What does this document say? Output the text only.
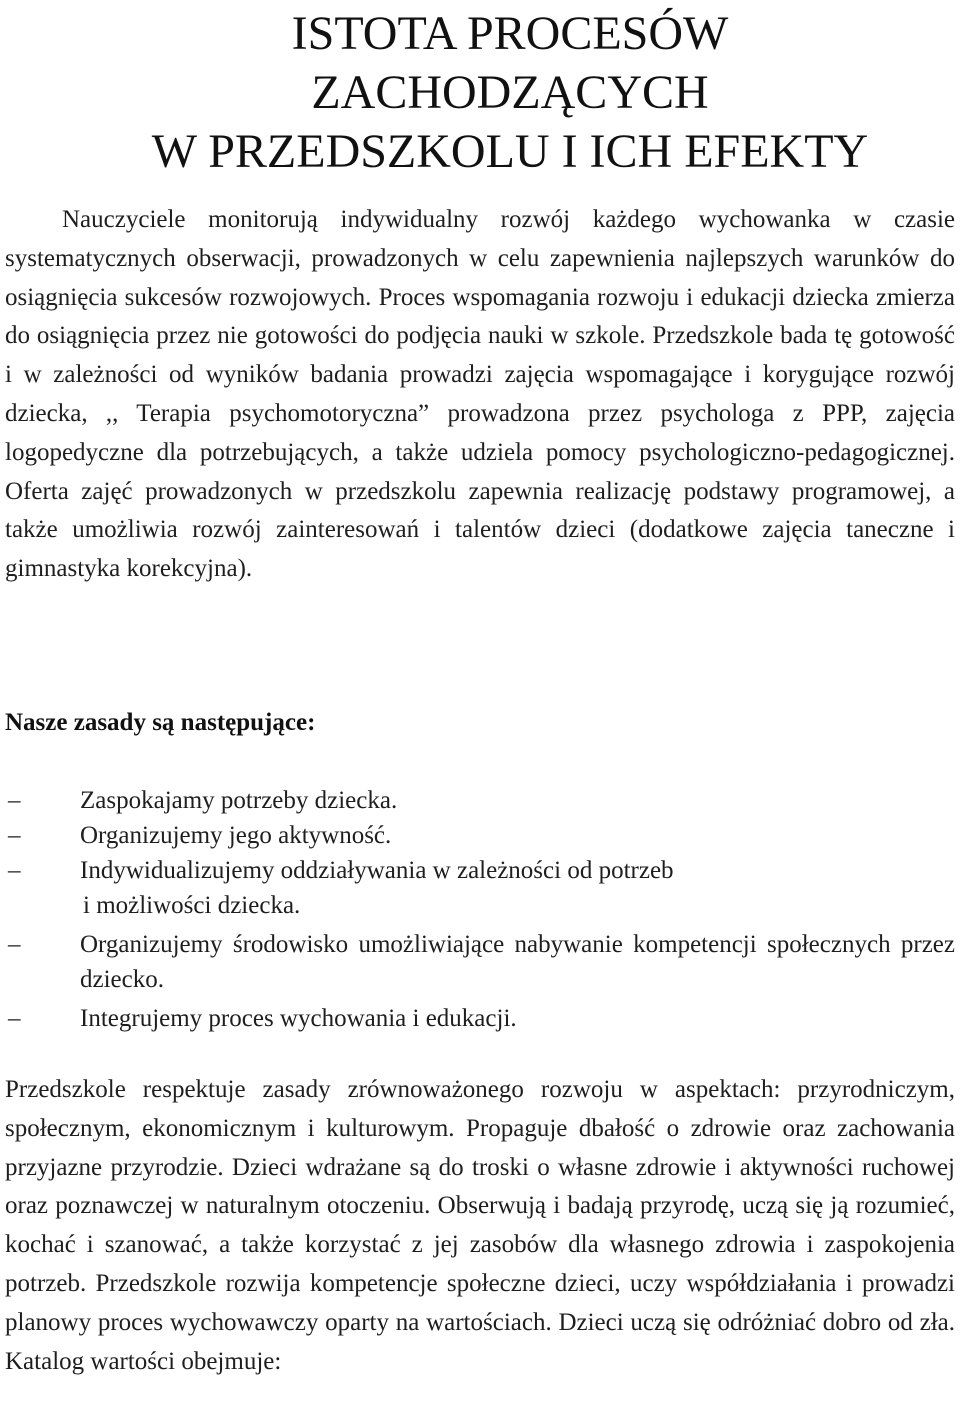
ISTOTA PROCESÓW
ZACHODZĄCYCH
W PRZEDSZKOLU I ICH EFEKTY

Nauczyciele monitorują indywidualny rozwój każdego wychowanka w czasie systematycznych obserwacji, prowadzonych w celu zapewnienia najlepszych warunków do osiągnięcia sukcesów rozwojowych. Proces wspomagania rozwoju i edukacji dziecka zmierza do osiągnięcia przez nie gotowości do podjęcia nauki w szkole. Przedszkole bada tę gotowość i w zależności od wyników badania prowadzi zajęcia wspomagające i korygujące rozwój dziecka, ,, Terapia psychomotoryczna” prowadzona przez psychologa z PPP, zajęcia logopedyczne dla potrzebujących, a także udziela pomocy psychologiczno-pedagogicznej. Oferta zajęć prowadzonych w przedszkolu zapewnia realizację podstawy programowej, a także umożliwia rozwój zainteresowań i talentów dzieci (dodatkowe zajęcia taneczne i gimnastyka korekcyjna).

Nasze zasady są następujące:
– Zaspokajamy potrzeby dziecka.
– Organizujemy jego aktywność.
– Indywidualizujemy oddziaływania w zależności od potrzeb
i możliwości dziecka.
– Organizujemy środowisko umożliwiające nabywanie kompetencji społecznych przez dziecko.
– Integrujemy proces wychowania i edukacji.

Przedszkole respektuje zasady zrównoważonego rozwoju w aspektach: przyrodniczym, społecznym, ekonomicznym i kulturowym. Propaguje dbałość o zdrowie oraz zachowania przyjazne przyrodzie. Dzieci wdrażane są do troski o własne zdrowie i aktywności ruchowej oraz poznawczej w naturalnym otoczeniu. Obserwują i badają przyrodę, uczą się ją rozumieć, kochać i szanować, a także korzystać z jej zasobów dla własnego zdrowia i zaspokojenia potrzeb. Przedszkole rozwija kompetencje społeczne dzieci, uczy współdziałania i prowadzi planowy proces wychowawczy oparty na wartościach. Dzieci uczą się odróżniać dobro od zła. Katalog wartości obejmuje:
